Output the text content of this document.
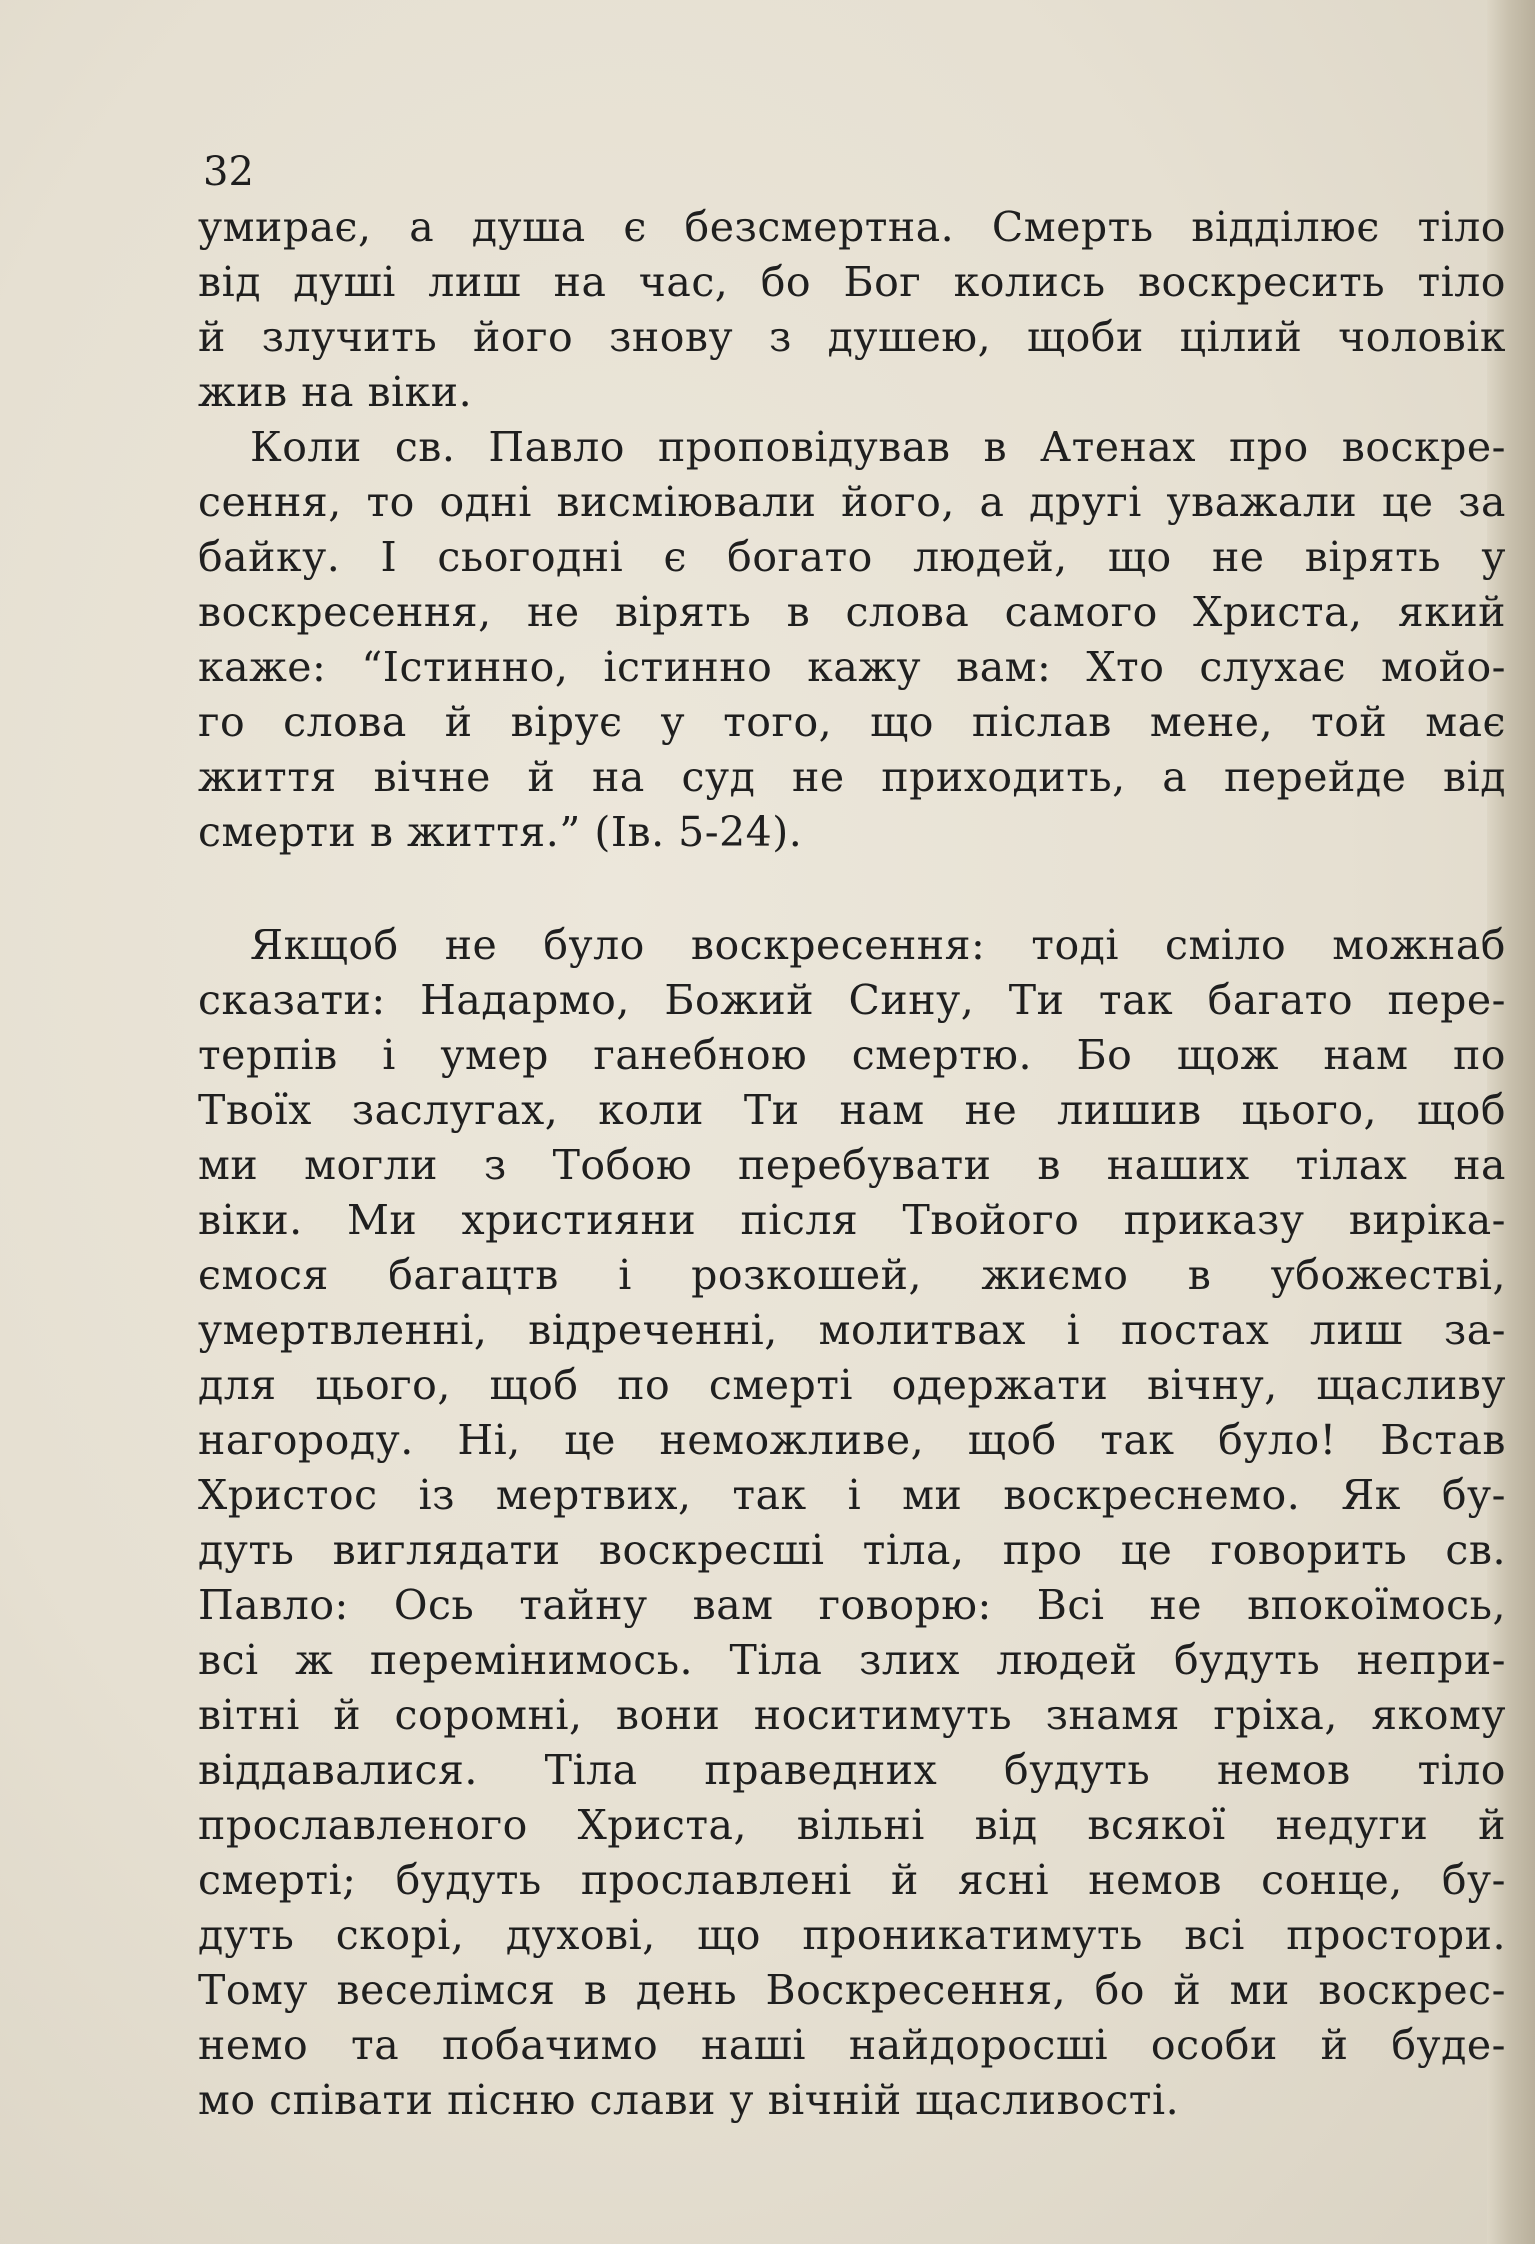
32

умирає, а душа є безсмертна. Смерть відділює тіло
від душі лиш на час, бо Бог колись воскресить тіло
й злучить його знову з душею, щоби цілий чоловік
жив на віки.

Коли св. Павло проповідував в Атенах про воскре-
сення, то одні висміювали його, а другі уважали це за
байку. І сьогодні є богато людей, що не вірять у
воскресення, не вірять в слова самого Христа, який
каже: “Істинно, істинно кажу вам: Хто слухає мойо-
го слова й вірує у того, що післав мене, той має
життя вічне й на суд не приходить, а перейде від
смерти в життя.” (Ів. 5-24).

Якщоб не було воскресення: тоді сміло можнаб
сказати: Надармо, Божий Сину, Ти так багато пере-
терпів і умер ганебною смертю. Бо щож нам по
Твоїх заслугах, коли Ти нам не лишив цього, щоб
ми могли з Тобою перебувати в наших тілах на
віки. Ми християни після Твойого приказу вирікa-
ємося багацтв і розкошей, жиємо в убожестві,
умертвленні, відреченні, молитвах і постах лиш за-
для цього, щоб по смерті одержати вічну, щасливу
нагороду. Ні, це неможливе, щоб так було! Встав
Христос із мертвих, так і ми воскреснемо. Як бу-
дуть виглядати воскресші тіла, про це говорить св.
Павло: Ось тайну вам говорю: Всі не впокоїмось,
всі ж перемінимось. Тіла злих людей будуть непри-
вітні й соромні, вони носитимуть знамя гріха, якому
віддавалися. Тіла праведних будуть немов тіло
прославленого Христа, вільні від всякої недуги й
смерті; будуть прославлені й ясні немов сонце, бу-
дуть скорі, духові, що проникатимуть всі простори.
Тому веселімся в день Воскресення, бо й ми воскрес-
немо та побачимо наші найдоросші особи й буде-
мо співати пісню слави у вічній щасливості.
